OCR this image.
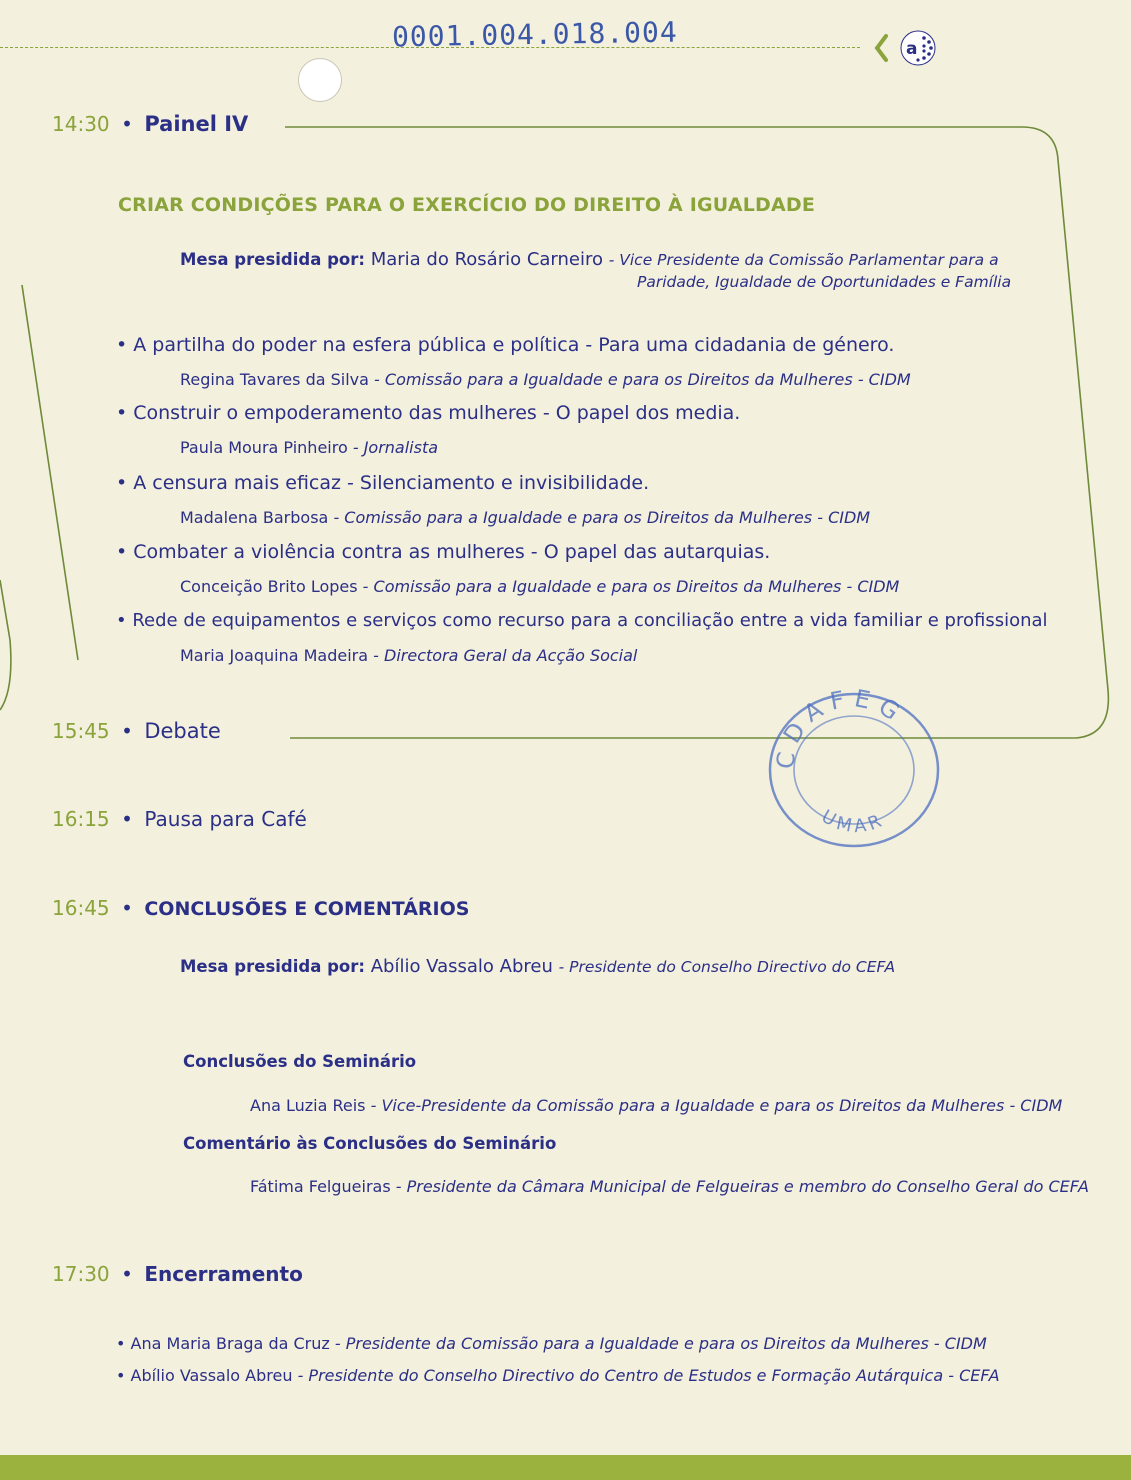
0001.004.018.004	a
14:30  •  Painel IV
CRIAR CONDIÇÕES PARA O EXERCÍCIO DO DIREITO À IGUALDADE
Mesa presidida por: Maria do Rosário Carneiro - Vice Presidente da Comissão Parlamentar para a
Paridade, Igualdade de Oportunidades e Família
• A partilha do poder na esfera pública e política - Para uma cidadania de género.
Regina Tavares da Silva - Comissão para a Igualdade e para os Direitos da Mulheres - CIDM
• Construir o empoderamento das mulheres - O papel dos media.
Paula Moura Pinheiro - Jornalista
• A censura mais eficaz - Silenciamento e invisibilidade.
Madalena Barbosa - Comissão para a Igualdade e para os Direitos da Mulheres - CIDM
• Combater a violência contra as mulheres - O papel das autarquias.
Conceição Brito Lopes - Comissão para a Igualdade e para os Direitos da Mulheres - CIDM
• Rede de equipamentos e serviços como recurso para a conciliação entre a vida familiar e profissional
Maria Joaquina Madeira - Directora Geral da Acção Social
15:45  •  Debate
16:15  •  Pausa para Café
CDAFEG
UMAR
16:45  •  CONCLUSÕES E COMENTÁRIOS
Mesa presidida por: Abílio Vassalo Abreu - Presidente do Conselho Directivo do CEFA
Conclusões do Seminário
Ana Luzia Reis - Vice-Presidente da Comissão para a Igualdade e para os Direitos da Mulheres - CIDM
Comentário às Conclusões do Seminário
Fátima Felgueiras - Presidente da Câmara Municipal de Felgueiras e membro do Conselho Geral do CEFA
17:30  •  Encerramento
• Ana Maria Braga da Cruz - Presidente da Comissão para a Igualdade e para os Direitos da Mulheres - CIDM
• Abílio Vassalo Abreu - Presidente do Conselho Directivo do Centro de Estudos e Formação Autárquica - CEFA
